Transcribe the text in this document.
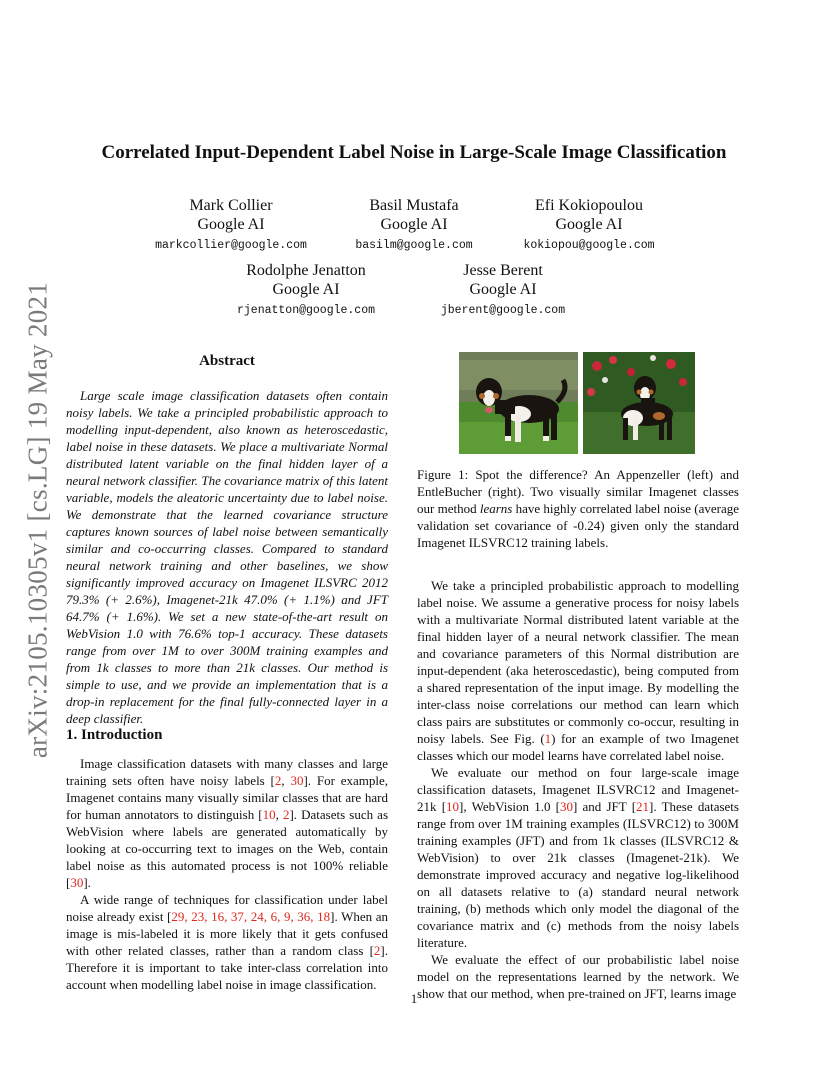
arXiv:2105.10305v1 [cs.LG] 19 May 2021
Correlated Input-Dependent Label Noise in Large-Scale Image Classification
Mark Collier
Google AI
markcollier@google.com
Basil Mustafa
Google AI
basilm@google.com
Efi Kokiopoulou
Google AI
kokiopou@google.com
Rodolphe Jenatton
Google AI
rjenatton@google.com
Jesse Berent
Google AI
jberent@google.com
Abstract

Large scale image classification datasets often contain noisy labels. We take a principled probabilistic approach to modelling input-dependent, also known as heteroscedastic, label noise in these datasets. We place a multivariate Normal distributed latent variable on the final hidden layer of a neural network classifier. The covariance matrix of this latent variable, models the aleatoric uncertainty due to label noise. We demonstrate that the learned covariance structure captures known sources of label noise between semantically similar and co-occurring classes. Compared to standard neural network training and other baselines, we show significantly improved accuracy on Imagenet ILSVRC 2012 79.3% (+ 2.6%), Imagenet-21k 47.0% (+ 1.1%) and JFT 64.7% (+ 1.6%). We set a new state-of-the-art result on WebVision 1.0 with 76.6% top-1 accuracy. These datasets range from over 1M to over 300M training examples and from 1k classes to more than 21k classes. Our method is simple to use, and we provide an implementation that is a drop-in replacement for the final fully-connected layer in a deep classifier.

1. Introduction

Image classification datasets with many classes and large training sets often have noisy labels [2, 30]. For example, Imagenet contains many visually similar classes that are hard for human annotators to distinguish [10, 2]. Datasets such as WebVision where labels are generated automatically by looking at co-occurring text to images on the Web, contain label noise as this automated process is not 100% reliable [30].

A wide range of techniques for classification under label noise already exist [29, 23, 16, 37, 24, 6, 9, 36, 18]. When an image is mis-labeled it is more likely that it gets confused with other related classes, rather than a random class [2]. Therefore it is important to take inter-class correlation into account when modelling label noise in image classification.

Figure 1: Spot the difference? An Appenzeller (left) and EntleBucher (right). Two visually similar Imagenet classes our method learns have highly correlated label noise (average validation set covariance of -0.24) given only the standard Imagenet ILSVRC12 training labels.

We take a principled probabilistic approach to modelling label noise. We assume a generative process for noisy labels with a multivariate Normal distributed latent variable at the final hidden layer of a neural network classifier. The mean and covariance parameters of this Normal distribution are input-dependent (aka heteroscedastic), being computed from a shared representation of the input image. By modelling the inter-class noise correlations our method can learn which class pairs are substitutes or commonly co-occur, resulting in noisy labels. See Fig. (1) for an example of two Imagenet classes which our model learns have correlated label noise.

We evaluate our method on four large-scale image classification datasets, Imagenet ILSVRC12 and Imagenet-21k [10], WebVision 1.0 [30] and JFT [21]. These datasets range from over 1M training examples (ILSVRC12) to 300M training examples (JFT) and from 1k classes (ILSVRC12 & WebVision) to over 21k classes (Imagenet-21k). We demonstrate improved accuracy and negative log-likelihood on all datasets relative to (a) standard neural network training, (b) methods which only model the diagonal of the covariance matrix and (c) methods from the noisy labels literature.

We evaluate the effect of our probabilistic label noise model on the representations learned by the network. We show that our method, when pre-trained on JFT, learns image

1
